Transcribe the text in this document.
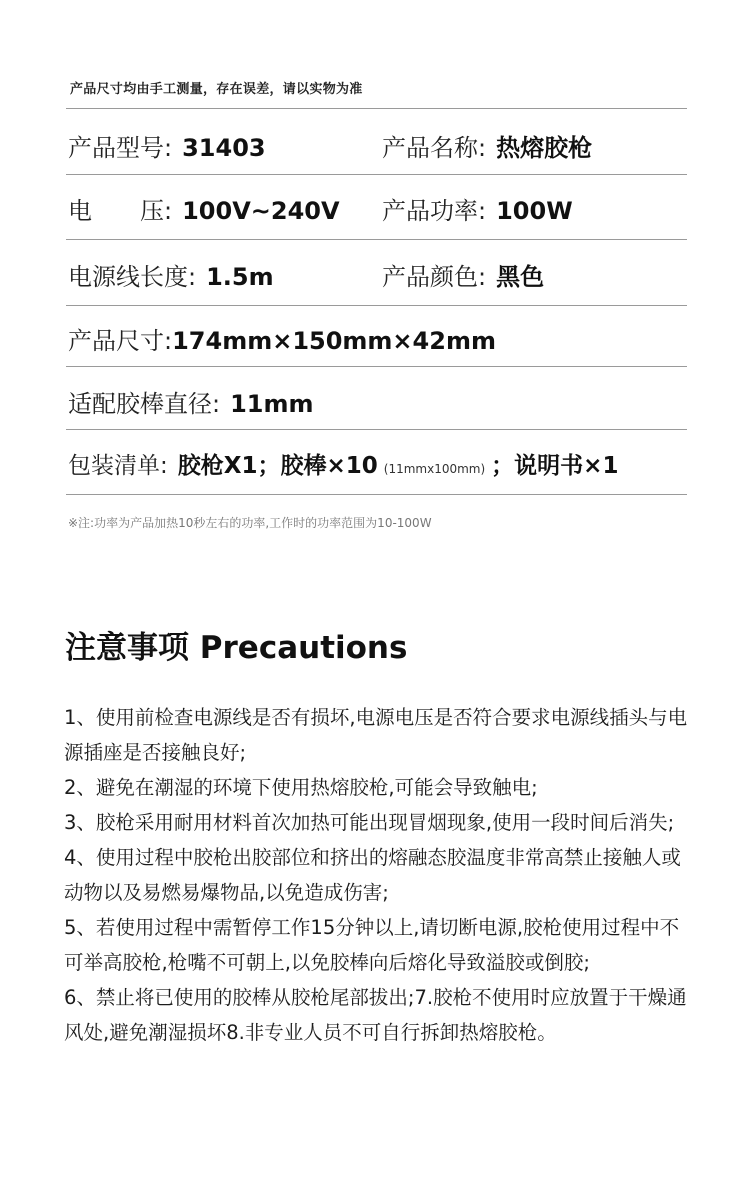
产品尺寸均由手工测量，存在误差，请以实物为准
产品型号: 31403	产品名称: 热熔胶枪
电　　压: 100V~240V 产品功率: 100W
电源线长度: 1.5m	产品颜色: 黑色
产品尺寸: 174mm×150mm×42mm
适配胶棒直径: 11mm
包装清单: 胶枪X1；胶棒×10 (11mmx100mm) ；说明书×1
※注:功率为产品加热10秒左右的功率,工作时的功率范围为10-100W
注意事项 Precautions

1、使用前检查电源线是否有损坏,电源电压是否符合要求电源线插头与电源插座是否接触良好;

2、避免在潮湿的环境下使用热熔胶枪,可能会导致触电;

3、胶枪采用耐用材料首次加热可能出现冒烟现象,使用一段时间后消失;

4、使用过程中胶枪出胶部位和挤出的熔融态胶温度非常高禁止接触人或动物以及易燃易爆物品,以免造成伤害;

5、若使用过程中需暂停工作15分钟以上,请切断电源,胶枪使用过程中不可举高胶枪,枪嘴不可朝上,以免胶棒向后熔化导致溢胶或倒胶;

6、禁止将已使用的胶棒从胶枪尾部拔出;7.胶枪不使用时应放置于干燥通风处,避免潮湿损坏8.非专业人员不可自行拆卸热熔胶枪。
